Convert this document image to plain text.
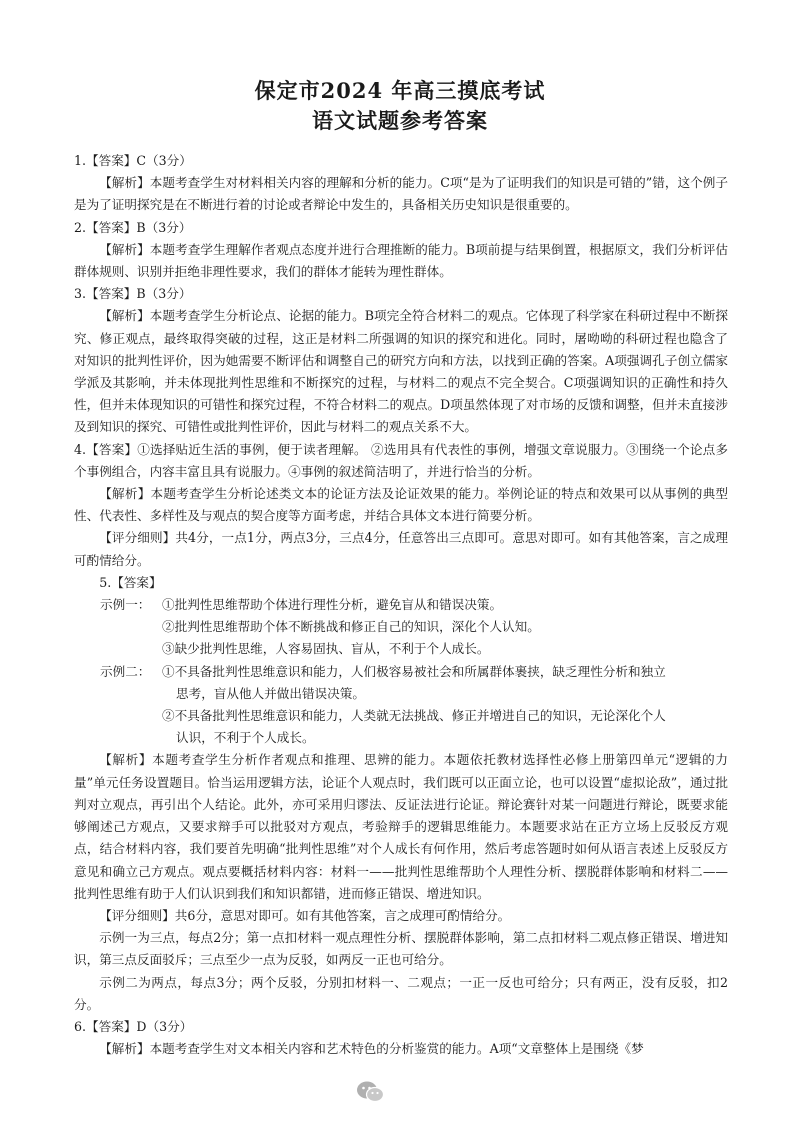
保定市2024 年高三摸底考试

语文试题参考答案

1.【答案】C（3分）

【解析】本题考查学生对材料相关内容的理解和分析的能力。C项“是为了证明我们的知识是可错的”错，这个例子是为了证明探究是在不断进行着的讨论或者辩论中发生的，具备相关历史知识是很重要的。

2.【答案】B（3分）

【解析】本题考查学生理解作者观点态度并进行合理推断的能力。B项前提与结果倒置，根据原文，我们分析评估群体规则、识别并拒绝非理性要求，我们的群体才能转为理性群体。

3.【答案】B（3分）

【解析】本题考查学生分析论点、论据的能力。B项完全符合材料二的观点。它体现了科学家在科研过程中不断探究、修正观点，最终取得突破的过程，这正是材料二所强调的知识的探究和进化。同时，屠呦呦的科研过程也隐含了对知识的批判性评价，因为她需要不断评估和调整自己的研究方向和方法，以找到正确的答案。A项强调孔子创立儒家学派及其影响，并未体现批判性思维和不断探究的过程，与材料二的观点不完全契合。C项强调知识的正确性和持久性，但并未体现知识的可错性和探究过程，不符合材料二的观点。D项虽然体现了对市场的反馈和调整，但并未直接涉及到知识的探究、可错性或批判性评价，因此与材料二的观点关系不大。

4.【答案】①选择贴近生活的事例，便于读者理解。 ②选用具有代表性的事例，增强文章说服力。③围绕一个论点多个事例组合，内容丰富且具有说服力。④事例的叙述简洁明了，并进行恰当的分析。

【解析】本题考查学生分析论述类文本的论证方法及论证效果的能力。举例论证的特点和效果可以从事例的典型性、代表性、多样性及与观点的契合度等方面考虑，并结合具体文本进行简要分析。

【评分细则】共4分，一点1分，两点3分，三点4分，任意答出三点即可。意思对即可。如有其他答案，言之成理可酌情给分。

5.【答案】

示例一： ①批判性思维帮助个体进行理性分析，避免盲从和错误决策。

②批判性思维帮助个体不断挑战和修正自己的知识，深化个人认知。

③缺少批判性思维，人容易固执、盲从，不利于个人成长。

示例二： ①不具备批判性思维意识和能力，人们极容易被社会和所属群体裹挟，缺乏理性分析和独立

思考，盲从他人并做出错误决策。

②不具备批判性思维意识和能力，人类就无法挑战、修正并增进自己的知识，无论深化个人

认识，不利于个人成长。

【解析】本题考查学生分析作者观点和推理、思辨的能力。本题依托教材选择性必修上册第四单元“逻辑的力量”单元任务设置题目。恰当运用逻辑方法，论证个人观点时，我们既可以正面立论，也可以设置“虚拟论敌”，通过批判对立观点，再引出个人结论。此外，亦可采用归谬法、反证法进行论证。辩论赛针对某一问题进行辩论，既要求能够阐述己方观点，又要求辩手可以批驳对方观点，考验辩手的逻辑思维能力。本题要求站在正方立场上反驳反方观点，结合材料内容，我们要首先明确“批判性思维”对个人成长有何作用，然后考虑答题时如何从语言表述上反驳反方意见和确立己方观点。观点要概括材料内容：材料一——批判性思维帮助个人理性分析、摆脱群体影响和材料二——批判性思维有助于人们认识到我们和知识都错，进而修正错误、增进知识。

【评分细则】共6分，意思对即可。如有其他答案，言之成理可酌情给分。

示例一为三点，每点2分；第一点扣材料一观点理性分析、摆脱群体影响，第二点扣材料二观点修正错误、增进知识，第三点反面驳斥；三点至少一点为反驳，如两反一正也可给分。

示例二为两点，每点3分；两个反驳，分别扣材料一、二观点；一正一反也可给分；只有两正，没有反驳，扣2分。

6.【答案】D（3分）

【解析】本题考查学生对文本相关内容和艺术特色的分析鉴赏的能力。A项“文章整体上是围绕《梦
